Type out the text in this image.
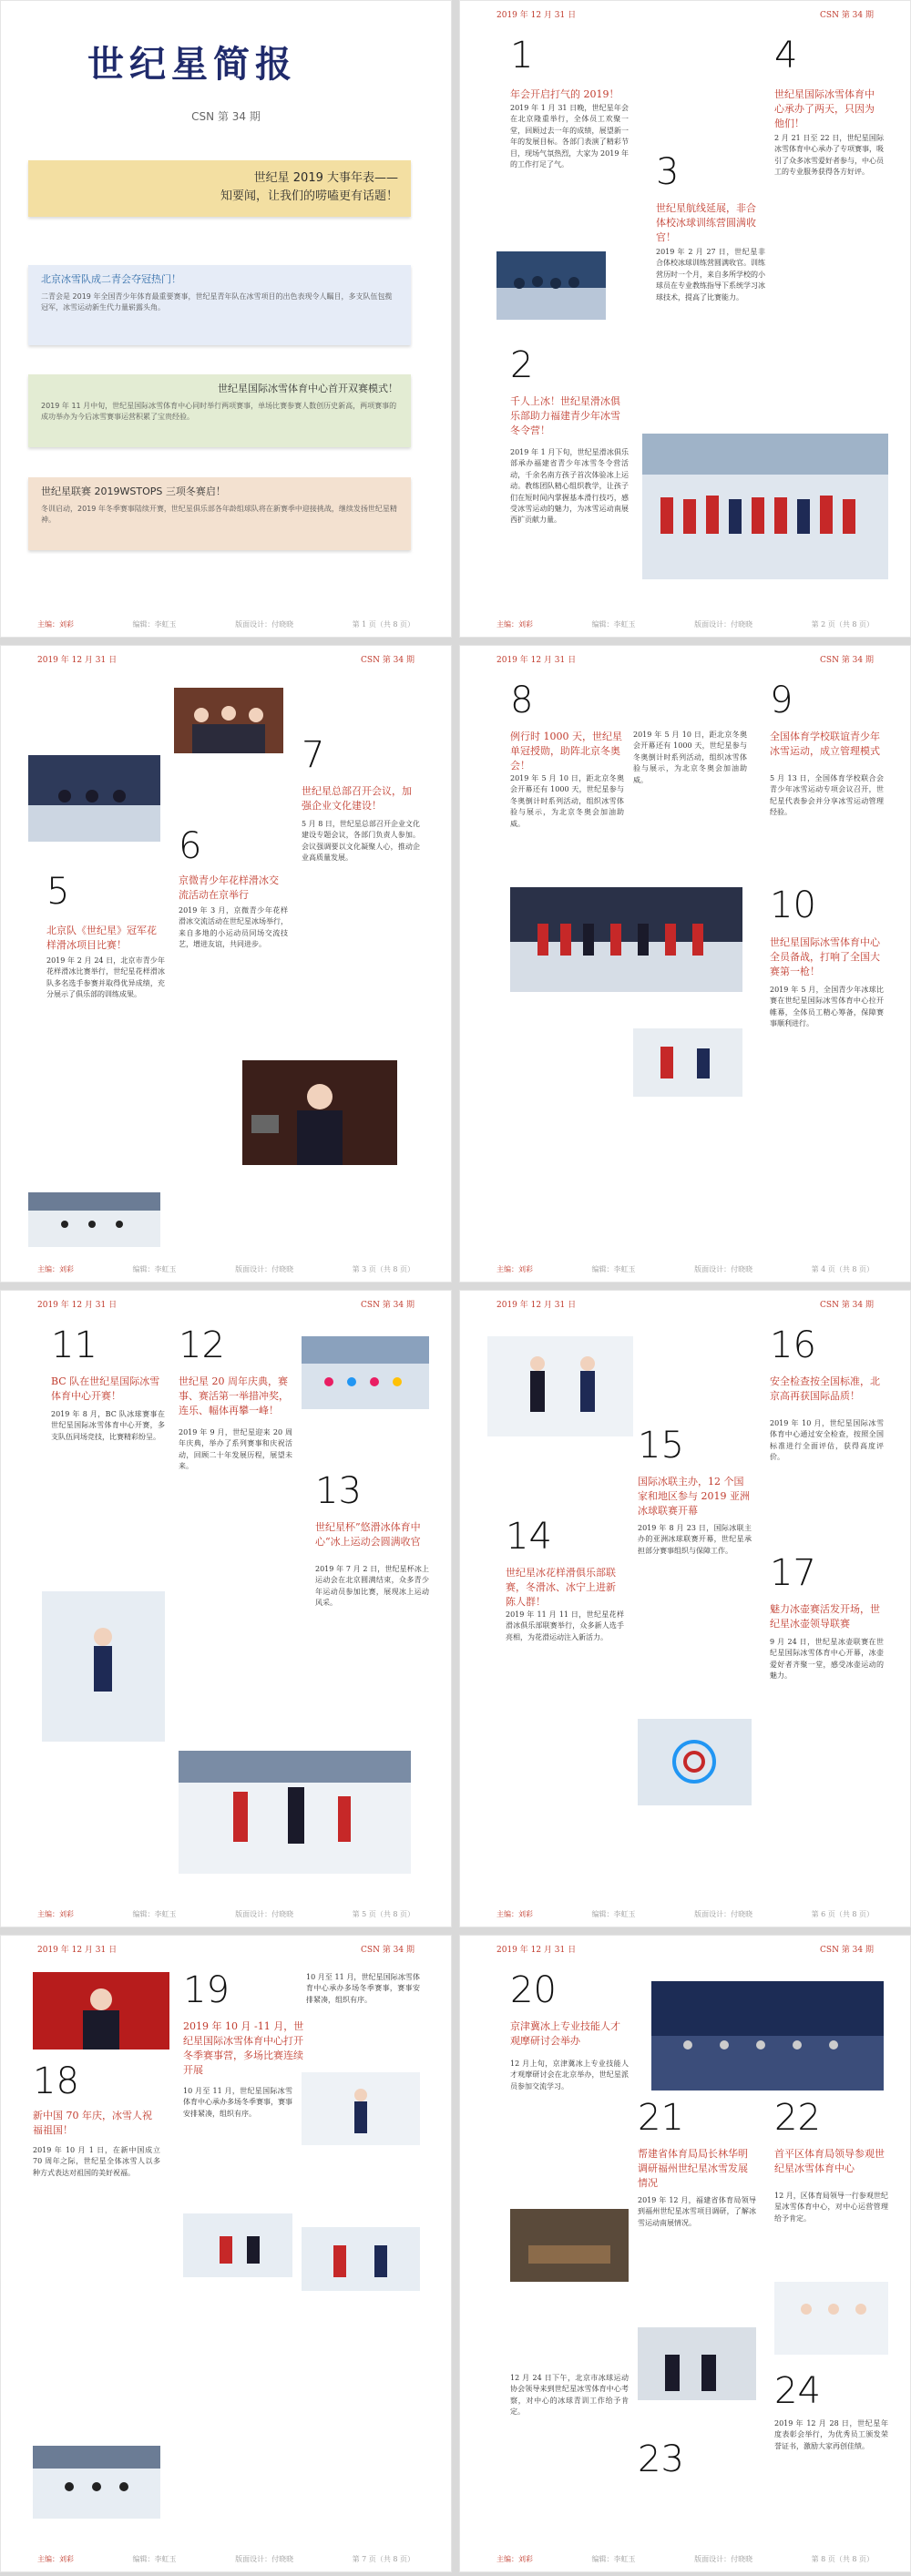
世纪星简报
CSN 第 34 期
世纪星 2019 大事年表——
知要闻，让我们的唠嗑更有话题！
北京冰雪队成二青会夺冠热门！
二青会是 2019 年全国青少年体育最重要赛事，世纪星青年队在冰雪项目的出色表现令人瞩目，多支队伍包揽冠军，冰雪运动新生代力量崭露头角。
世纪星国际冰雪体育中心首开双赛模式！
2019 年 11 月中旬，世纪星国际冰雪体育中心同时举行两项赛事，单场比赛参赛人数创历史新高，两项赛事的成功举办为今后冰雪赛事运营积累了宝贵经验。
世纪星联赛 2019WSTOPS 三项冬赛启！
冬训启动，2019 年冬季赛事陆续开赛，世纪星俱乐部各年龄组球队将在新赛季中迎接挑战，继续发扬世纪星精神。
主编：刘彩	编辑：李虹玉	版面设计：付晓晓	第 1 页（共 8 页）
2019 年 12 月 31 日	CSN 第 34 期
1
年会开启打气的 2019！
2019 年 1 月 31 日晚，世纪星年会在北京隆重举行，全体员工欢聚一堂，回顾过去一年的成绩，展望新一年的发展目标。各部门表演了精彩节目，现场气氛热烈，大家为 2019 年的工作打足了气。	3
世纪星航线延展，非合体校冰球训练营圆满收官！
2019 年 2 月 27 日，世纪星非合体校冰球训练营圆满收官。训练营历时一个月，来自多所学校的小球员在专业教练指导下系统学习冰球技术，提高了比赛能力。
4
世纪星国际冰雪体育中心承办了两天，只因为他们！
2 月 21 日至 22 日，世纪星国际冰雪体育中心承办了专项赛事，吸引了众多冰雪爱好者参与，中心员工的专业服务获得各方好评。
2
千人上冰！世纪星滑冰俱乐部助力福建青少年冰雪冬令营！
2019 年 1 月下旬，世纪星滑冰俱乐部承办福建省青少年冰雪冬令营活动，千余名南方孩子首次体验冰上运动。教练团队精心组织教学，让孩子们在短时间内掌握基本滑行技巧，感受冰雪运动的魅力，为冰雪运动南展西扩贡献力量。
主编：刘彩	编辑：李虹玉	版面设计：付晓晓	第 2 页（共 8 页）
2019 年 12 月 31 日	CSN 第 34 期
7
世纪星总部召开会议，加强企业文化建设！
5 月 8 日，世纪星总部召开企业文化建设专题会议，各部门负责人参加。会议强调要以文化凝聚人心，推动企业高质量发展。
6
京微青少年花样滑冰交流活动在京举行
2019 年 3 月，京微青少年花样滑冰交流活动在世纪星冰场举行，来自多地的小运动员同场交流技艺，增进友谊，共同进步。
5
北京队《世纪星》冠军花样滑冰项目比赛！
2019 年 2 月 24 日，北京市青少年花样滑冰比赛举行，世纪星花样滑冰队多名选手参赛并取得优异成绩，充分展示了俱乐部的训练成果。
主编：刘彩	编辑：李虹玉	版面设计：付晓晓	第 3 页（共 8 页）
2019 年 12 月 31 日	CSN 第 34 期
8
例行时 1000 天，世纪星单冠授勋，助阵北京冬奥会！
2019 年 5 月 10 日，距北京冬奥会开幕还有 1000 天，世纪星参与冬奥倒计时系列活动，组织冰雪体验与展示，为北京冬奥会加油助威。
2019 年 5 月 10 日，距北京冬奥会开幕还有 1000 天，世纪星参与冬奥倒计时系列活动，组织冰雪体验与展示，为北京冬奥会加油助威。
9
全国体育学校联谊青少年冰雪运动，成立管理模式
5 月 13 日，全国体育学校联合会青少年冰雪运动专项会议召开，世纪星代表参会并分享冰雪运动管理经验。
10
世纪星国际冰雪体育中心全员备战，打响了全国大赛第一枪！
2019 年 5 月，全国青少年冰球比赛在世纪星国际冰雪体育中心拉开帷幕，全体员工精心筹备，保障赛事顺利进行。
主编：刘彩	编辑：李虹玉	版面设计：付晓晓	第 4 页（共 8 页）
2019 年 12 月 31 日	CSN 第 34 期
11
BC 队在世纪星国际冰雪体育中心开赛！
2019 年 8 月，BC 队冰球赛事在世纪星国际冰雪体育中心开赛，多支队伍同场竞技，比赛精彩纷呈。
12
世纪星 20 周年庆典，赛事、赛活第一举措冲奖，连乐、幅体再攀一峰！
2019 年 9 月，世纪星迎来 20 周年庆典，举办了系列赛事和庆祝活动，回顾二十年发展历程，展望未来。
13
世纪星杯”悠滑冰体育中心“冰上运动会圆满收官
2019 年 7 月 2 日，世纪星杯冰上运动会在北京圆满结束，众多青少年运动员参加比赛，展现冰上运动风采。
主编：刘彩	编辑：李虹玉	版面设计：付晓晓	第 5 页（共 8 页）
2019 年 12 月 31 日	CSN 第 34 期
16
安全检查按全国标准，北京高再获国际品质！
2019 年 10 月，世纪星国际冰雪体育中心通过安全检查，按照全国标准进行全面评估，获得高度评价。
15
国际冰联主办，12 个国家和地区参与 2019 亚洲冰球联赛开幕
2019 年 8 月 23 日，国际冰联主办的亚洲冰球联赛开幕，世纪星承担部分赛事组织与保障工作。
14
世纪星冰花样滑俱乐部联赛，冬滑冰、冰宁上进新陈人群！
2019 年 11 月 11 日，世纪星花样滑冰俱乐部联赛举行，众多新人选手亮相，为花滑运动注入新活力。
17
魅力冰壶赛活发开场，世纪星冰壶领导联赛
9 月 24 日，世纪星冰壶联赛在世纪星国际冰雪体育中心开幕，冰壶爱好者齐聚一堂，感受冰壶运动的魅力。
主编：刘彩	编辑：李虹玉	版面设计：付晓晓	第 6 页（共 8 页）
2019 年 12 月 31 日	CSN 第 34 期
18
新中国 70 年庆，冰雪人祝福祖国！
2019 年 10 月 1 日，在新中国成立 70 周年之际，世纪星全体冰雪人以多种方式表达对祖国的美好祝福。
19
2019 年 10 月 -11 月，世纪星国际冰雪体育中心打开冬季赛事营，多场比赛连续开展
10 月至 11 月，世纪星国际冰雪体育中心承办多场冬季赛事，赛事安排紧凑，组织有序。
10 月至 11 月，世纪星国际冰雪体育中心承办多场冬季赛事，赛事安排紧凑，组织有序。
主编：刘彩	编辑：李虹玉	版面设计：付晓晓	第 7 页（共 8 页）
2019 年 12 月 31 日	CSN 第 34 期
20
京津冀冰上专业技能人才观摩研讨会举办
12 月上旬，京津冀冰上专业技能人才观摩研讨会在北京举办，世纪星派员参加交流学习。
21
帮建省体育局局长林华明调研福州世纪星冰雪发展情况
2019 年 12 月，福建省体育局领导到福州世纪星冰雪项目调研，了解冰雪运动南展情况。
22
首平区体育局领导参观世纪星冰雪体育中心
12 月，区体育局领导一行参观世纪星冰雪体育中心，对中心运营管理给予肯定。
12 月 24 日下午，北京市冰球运动协会领导来到世纪星冰雪体育中心考察，对中心的冰球青训工作给予肯定。
23
24
2019 年 12 月 28 日，世纪星年度表彰会举行，为优秀员工颁发荣誉证书，激励大家再创佳绩。
主编：刘彩	编辑：李虹玉	版面设计：付晓晓	第 8 页（共 8 页）
